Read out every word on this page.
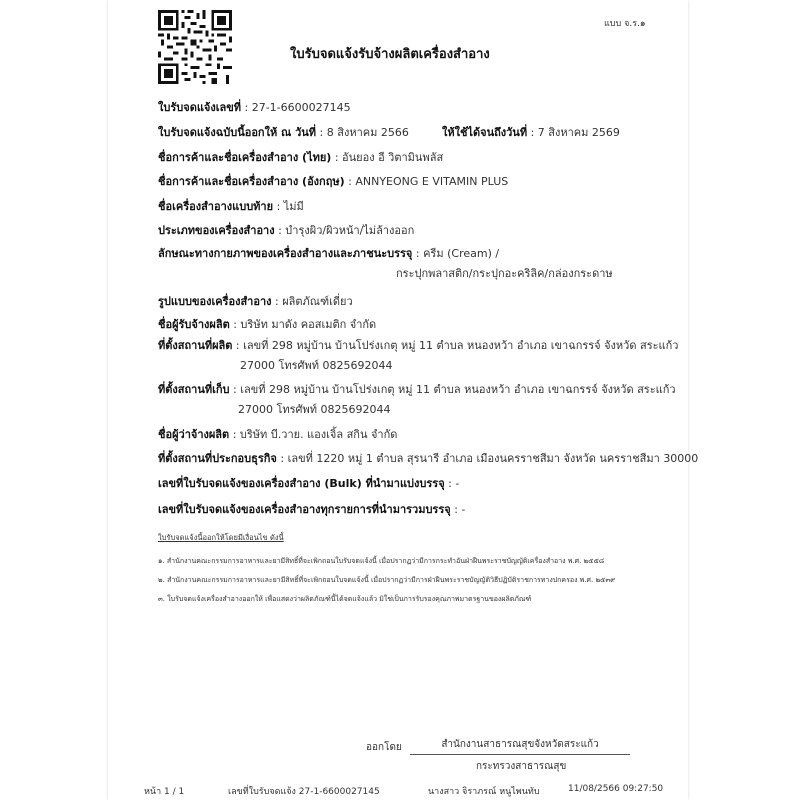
แบบ จ.ร.๑
ใบรับจดแจ้งรับจ้างผลิตเครื่องสำอาง
ใบรับจดแจ้งเลขที่ : 27-1-6600027145
ใบรับจดแจ้งฉบับนี้ออกให้ ณ วันที่ : 8 สิงหาคม 2566	ให้ใช้ได้จนถึงวันที่ : 7 สิงหาคม 2569
ชื่อการค้าและชื่อเครื่องสำอาง (ไทย) : อันยอง อี วิตามินพลัส
ชื่อการค้าและชื่อเครื่องสำอาง (อังกฤษ) : ANNYEONG E VITAMIN PLUS
ชื่อเครื่องสำอางแบบท้าย : ไม่มี
ประเภทของเครื่องสำอาง : บำรุงผิว/ผิวหน้า/ไม่ล้างออก
ลักษณะทางกายภาพของเครื่องสำอางและภาชนะบรรจุ : ครีม (Cream) /
กระปุกพลาสติก/กระปุกอะคริลิค/กล่องกระดาษ
รูปแบบของเครื่องสำอาง : ผลิตภัณฑ์เดี่ยว
ชื่อผู้รับจ้างผลิต : บริษัท มาดัง คอสเมติก จำกัด
ที่ตั้งสถานที่ผลิต : เลขที่ 298 หมู่บ้าน บ้านโปร่งเกตุ หมู่ 11 ตำบล หนองหว้า อำเภอ เขาฉกรรจ์ จังหวัด สระแก้ว
27000 โทรศัพท์ 0825692044
ที่ตั้งสถานที่เก็บ : เลขที่ 298 หมู่บ้าน บ้านโปร่งเกตุ หมู่ 11 ตำบล หนองหว้า อำเภอ เขาฉกรรจ์ จังหวัด สระแก้ว
27000 โทรศัพท์ 0825692044
ชื่อผู้ว่าจ้างผลิต : บริษัท บี.วาย. แองเจิ้ล สกิน จำกัด
ที่ตั้งสถานที่ประกอบธุรกิจ : เลขที่ 1220 หมู่ 1 ตำบล สุรนารี อำเภอ เมืองนครราชสีมา จังหวัด นครราชสีมา 30000
เลขที่ใบรับจดแจ้งของเครื่องสำอาง (Bulk) ที่นำมาแบ่งบรรจุ : -
เลขที่ใบรับจดแจ้งของเครื่องสำอางทุกรายการที่นำมารวมบรรจุ : -
ใบรับจดแจ้งนี้ออกให้โดยมีเงื่อนไข ดังนี้
๑. สำนักงานคณะกรรมการอาหารและยามีสิทธิ์ที่จะเพิกถอนใบรับจดแจ้งนี้ เมื่อปรากฏว่ามีการกระทำอันฝ่าฝืนพระราชบัญญัติเครื่องสำอาง พ.ศ. ๒๕๕๘
๒. สำนักงานคณะกรรมการอาหารและยามีสิทธิ์ที่จะเพิกถอนใบจดแจ้งนี้ เมื่อปรากฏว่ามีการฝ่าฝืนพระราชบัญญัติวิธีปฏิบัติราชการทางปกครอง พ.ศ. ๒๕๓๙
๓. ใบรับจดแจ้งเครื่องสำอางออกให้ เพื่อแสดงว่าผลิตภัณฑ์นี้ได้จดแจ้งแล้ว มิใช่เป็นการรับรองคุณภาพมาตรฐานของผลิตภัณฑ์
ออกโดย	สำนักงานสาธารณสุขจังหวัดสระแก้ว
กระทรวงสาธารณสุข
หน้า 1 / 1	เลขที่ใบรับจดแจ้ง 27-1-6600027145	นางสาว จิราภรณ์ หนูไพนทับ	11/08/2566 09:27:50
